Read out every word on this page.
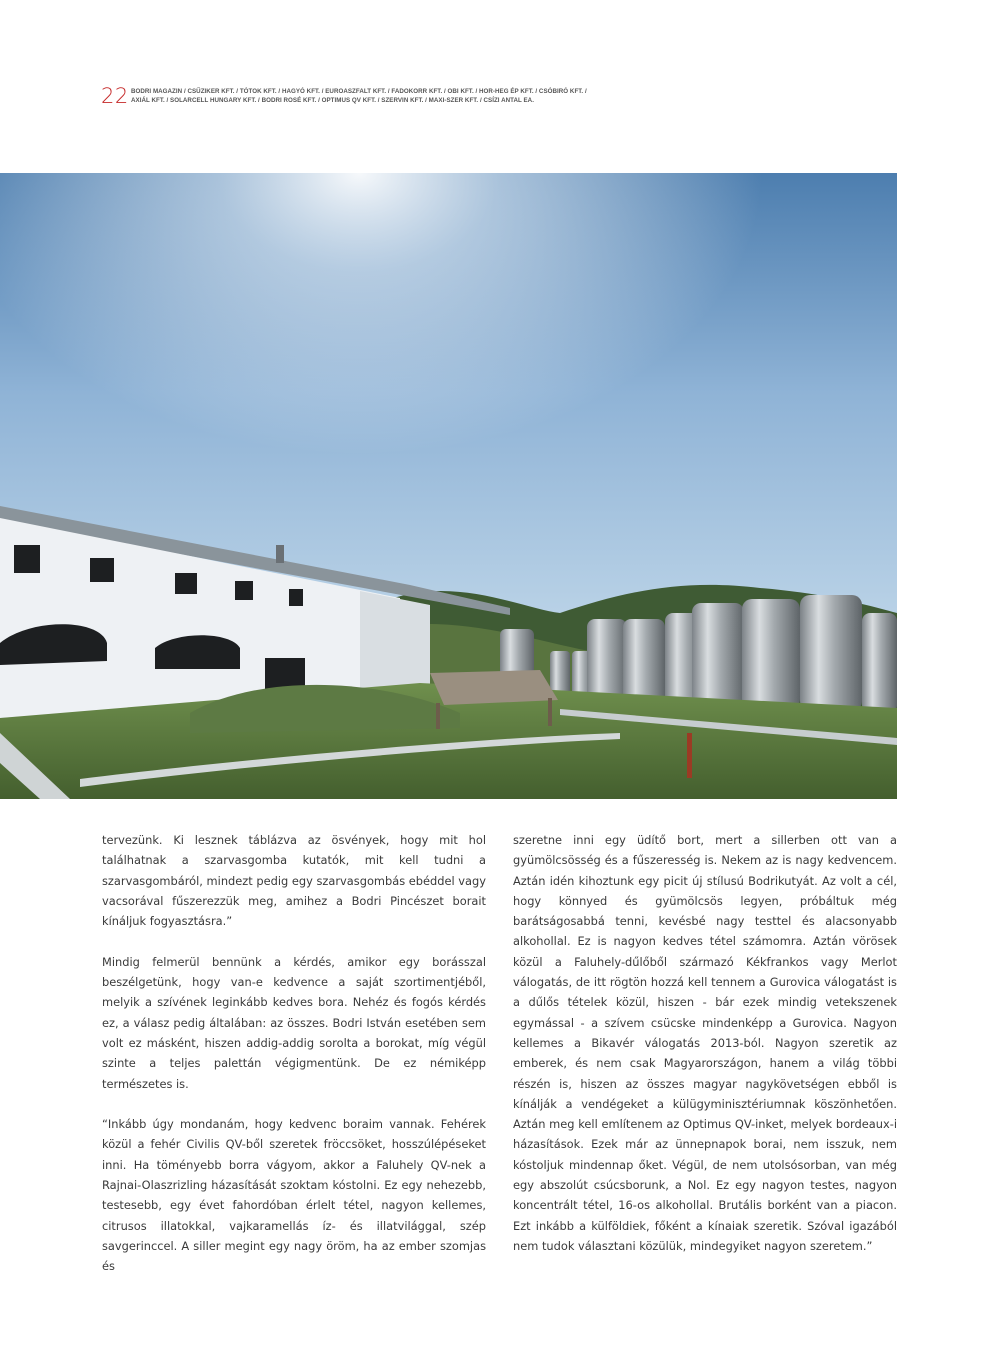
22 BODRI MAGAZIN / CSŰZIKER KFT. / TÓTOK KFT. / HAGYÓ KFT. / EUROASZFALT KFT. / FADOKORR KFT. / OBI KFT. / HOR-HEG ÉP KFT. / CSÓBIRÓ KFT. /
AXIÁL KFT. / SOLARCELL HUNGARY KFT. / BODRI ROSÉ KFT. / OPTIMUS QV KFT. / SZERVIN KFT. / MAXI-SZER KFT. / CSÍZI ANTAL EA.

tervezünk. Ki lesznek táblázva az ösvények, hogy mit hol találhatnak a szarvasgomba kutatók, mit kell tudni a szarvasgombáról, mindezt pedig egy szarvasgombás ebéddel vagy vacsorával fűszerezzük meg, amihez a Bodri Pincészet borait kínáljuk fogyasztásra.”

Mindig felmerül bennünk a kérdés, amikor egy borásszal beszélgetünk, hogy van-e kedvence a saját szortimentjéből, melyik a szívének leginkább kedves bora. Nehéz és fogós kérdés ez, a válasz pedig általában: az összes. Bodri István esetében sem volt ez másként, hiszen addig-addig sorolta a borokat, míg végül szinte a teljes palettán végigmentünk. De ez némiképp természetes is.

“Inkább úgy mondanám, hogy kedvenc boraim vannak. Fehérek közül a fehér Civilis QV-ből szeretek fröccsöket, hosszúlépéseket inni. Ha töményebb borra vágyom, akkor a Faluhely QV-nek a Rajnai-Olaszrizling házasítását szoktam kóstolni. Ez egy nehezebb, testesebb, egy évet fahordóban érlelt tétel, nagyon kellemes, citrusos illatokkal, vajkaramellás íz- és illatvilággal, szép savgerinccel. A siller megint egy nagy öröm, ha az ember szomjas és

szeretne inni egy üdítő bort, mert a sillerben ott van a gyümölcsösség és a fűszeresség is. Nekem az is nagy kedvencem. Aztán idén kihoztunk egy picit új stílusú Bodrikutyát. Az volt a cél, hogy könnyed és gyümölcsös legyen, próbáltuk még barátságosabbá tenni, kevésbé nagy testtel és alacsonyabb alkohollal. Ez is nagyon kedves tétel számomra. Aztán vörösek közül a Faluhely-dűlőből származó Kékfrankos vagy Merlot válogatás, de itt rögtön hozzá kell tennem a Gurovica válogatást is a dűlős tételek közül, hiszen - bár ezek mindig vetekszenek egymással - a szívem csücske mindenképp a Gurovica. Nagyon kellemes a Bikavér válogatás 2013-ból. Nagyon szeretik az emberek, és nem csak Magyarországon, hanem a világ többi részén is, hiszen az összes magyar nagykövetségen ebből is kínálják a vendégeket a külügyminisztériumnak köszönhetően. Aztán meg kell említenem az Optimus QV-inket, melyek bordeaux-i házasítások. Ezek már az ünnepnapok borai, nem isszuk, nem kóstoljuk mindennap őket. Végül, de nem utolsósorban, van még egy abszolút csúcsborunk, a Nol. Ez egy nagyon testes, nagyon koncentrált tétel, 16-os alkohollal. Brutális borként van a piacon. Ezt inkább a külföldiek, főként a kínaiak szeretik. Szóval igazából nem tudok választani közülük, mindegyiket nagyon szeretem.”
